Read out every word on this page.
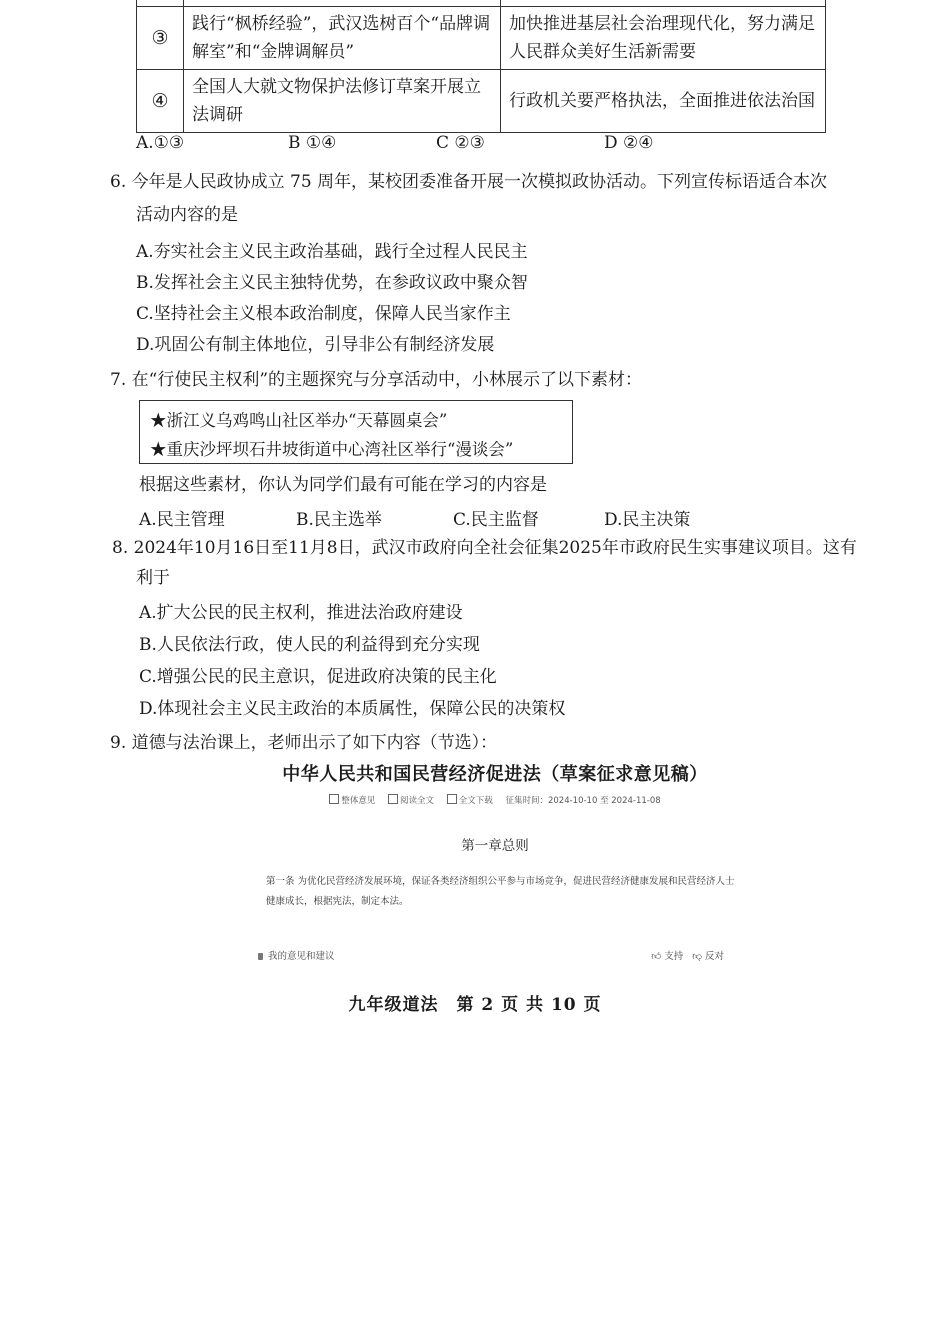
③	践行“枫桥经验”，武汉选树百个“品牌调解室”和“金牌调解员”	加快推进基层社会治理现代化，努力满足人民群众美好生活新需要
④	全国人大就文物保护法修订草案开展立法调研	行政机关要严格执法，全面推进依法治国
A.①③	B ①④	C ②③	D ②④
6. 今年是人民政协成立 75 周年，某校团委准备开展一次模拟政协活动。下列宣传标语适合本次
活动内容的是
A.夯实社会主义民主政治基础，践行全过程人民民主
B.发挥社会主义民主独特优势，在参政议政中聚众智
C.坚持社会主义根本政治制度，保障人民当家作主
D.巩固公有制主体地位，引导非公有制经济发展
7. 在“行使民主权利”的主题探究与分享活动中，小林展示了以下素材：
★浙江义乌鸡鸣山社区举办“天幕圆桌会”
★重庆沙坪坝石井坡街道中心湾社区举行“漫谈会”
根据这些素材，你认为同学们最有可能在学习的内容是
A.民主管理	B.民主选举	C.民主监督	D.民主决策
8. 2024年10月16日至11月8日，武汉市政府向全社会征集2025年市政府民生实事建议项目。这有
利于
A.扩大公民的民主权利，推进法治政府建设
B.人民依法行政，使人民的利益得到充分实现
C.增强公民的民主意识，促进政府决策的民主化
D.体现社会主义民主政治的本质属性，保障公民的决策权
9. 道德与法治课上，老师出示了如下内容（节选）：
中华人民共和国民营经济促进法（草案征求意见稿）
整体意见	阅读全文	全文下载 征集时间：2024-10-10 至 2024-11-08
第一章总则
第一条 为优化民营经济发展环境，保证各类经济组织公平参与市场竞争，促进民营经济健康发展和民营经济人士健康成长，根据宪法，制定本法。
我的意见和建议	👍︎ 支持 👎︎ 反对
九年级道法　第 2 页 共 10 页
